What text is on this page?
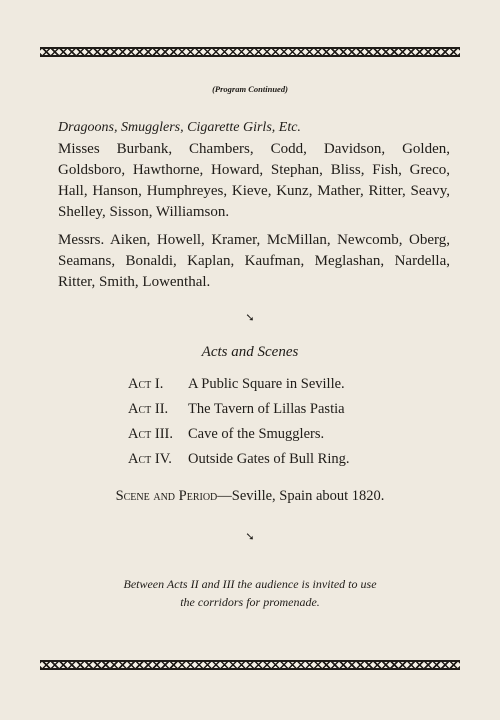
(Program Continued)
Dragoons, Smugglers, Cigarette Girls, Etc.

Misses Burbank, Chambers, Codd, Davidson, Golden, Goldsboro, Hawthorne, Howard, Stephan, Bliss, Fish, Greco, Hall, Hanson, Humphreyes, Kieve, Kunz, Mather, Ritter, Seavy, Shelley, Sisson, Williamson.

Messrs. Aiken, Howell, Kramer, McMillan, Newcomb, Oberg, Seamans, Bonaldi, Kaplan, Kaufman, Meglashan, Nardella, Ritter, Smith, Lowenthal.

➘
Acts and Scenes
Act I. A Public Square in Seville.
Act II. The Tavern of Lillas Pastia
Act III. Cave of the Smugglers.
Act IV. Outside Gates of Bull Ring.
Scene and Period—Seville, Spain about 1820.
➘
Between Acts II and III the audience is invited to use
the corridors for promenade.
